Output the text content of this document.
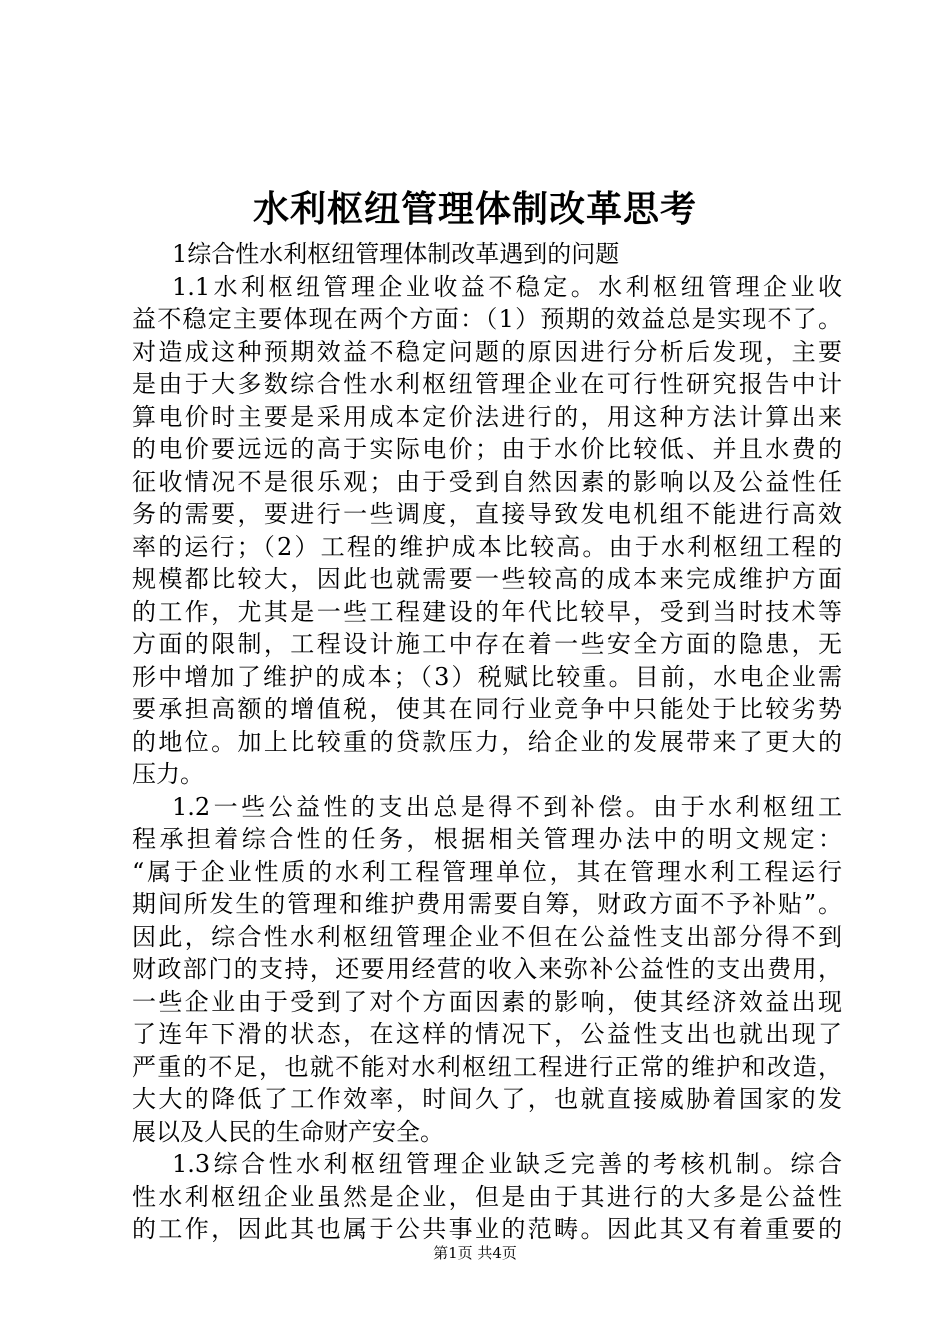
水利枢纽管理体制改革思考
1综合性水利枢纽管理体制改革遇到的问题
1.1水利枢纽管理企业收益不稳定。水利枢纽管理企业收
益不稳定主要体现在两个方面：（1）预期的效益总是实现不了。
对造成这种预期效益不稳定问题的原因进行分析后发现，主要
是由于大多数综合性水利枢纽管理企业在可行性研究报告中计
算电价时主要是采用成本定价法进行的，用这种方法计算出来
的电价要远远的高于实际电价；由于水价比较低、并且水费的
征收情况不是很乐观；由于受到自然因素的影响以及公益性任
务的需要，要进行一些调度，直接导致发电机组不能进行高效
率的运行；（2）工程的维护成本比较高。由于水利枢纽工程的
规模都比较大，因此也就需要一些较高的成本来完成维护方面
的工作，尤其是一些工程建设的年代比较早，受到当时技术等
方面的限制，工程设计施工中存在着一些安全方面的隐患，无
形中增加了维护的成本；（3）税赋比较重。目前，水电企业需
要承担高额的增值税，使其在同行业竞争中只能处于比较劣势
的地位。加上比较重的贷款压力，给企业的发展带来了更大的
压力。
1.2一些公益性的支出总是得不到补偿。由于水利枢纽工
程承担着综合性的任务，根据相关管理办法中的明文规定：
“属于企业性质的水利工程管理单位，其在管理水利工程运行
期间所发生的管理和维护费用需要自筹，财政方面不予补贴”。
因此，综合性水利枢纽管理企业不但在公益性支出部分得不到
财政部门的支持，还要用经营的收入来弥补公益性的支出费用，
一些企业由于受到了对个方面因素的影响，使其经济效益出现
了连年下滑的状态，在这样的情况下，公益性支出也就出现了
严重的不足，也就不能对水利枢纽工程进行正常的维护和改造，
大大的降低了工作效率，时间久了，也就直接威胁着国家的发
展以及人民的生命财产安全。
1.3综合性水利枢纽管理企业缺乏完善的考核机制。综合
性水利枢纽企业虽然是企业，但是由于其进行的大多是公益性
的工作，因此其也属于公共事业的范畴。因此其又有着重要的
第1页 共4页
